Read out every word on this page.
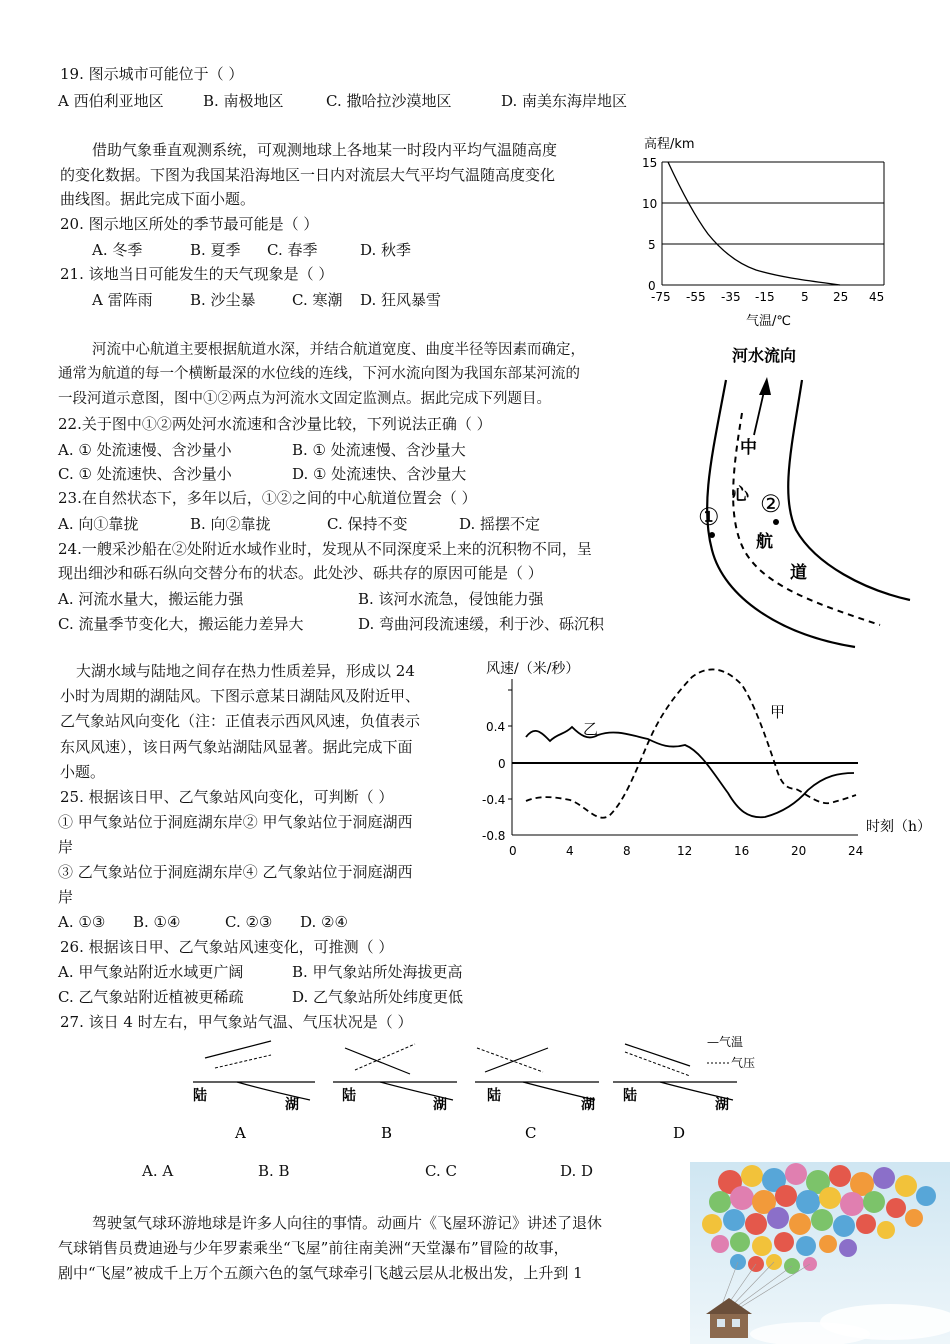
19. 图示城市可能位于（ ）
A 西伯利亚地区	B. 南极地区	C. 撒哈拉沙漠地区	D. 南美东海岸地区
借助气象垂直观测系统，可观测地球上各地某一时段内平均气温随高度
的变化数据。下图为我国某沿海地区一日内对流层大气平均气温随高度变化
曲线图。据此完成下面小题。
20. 图示地区所处的季节最可能是（ ）
A. 冬季	B. 夏季 C. 春季	D. 秋季
21. 该地当日可能发生的天气现象是（ ）
A 雷阵雨 B. 沙尘暴 C. 寒潮 D. 狂风暴雪
高程/km
15
10
5
0
-75 -55 -35 -15 5 25 45
气温/℃
河流中心航道主要根据航道水深，并结合航道宽度、曲度半径等因素而确定，
通常为航道的每一个横断最深的水位线的连线，下河水流向图为我国东部某河流的
一段河道示意图，图中①②两点为河流水文固定监测点。据此完成下列题目。
22.关于图中①②两处河水流速和含沙量比较，下列说法正确（ ）
A. ① 处流速慢、含沙量小	B. ① 处流速慢、含沙量大
C. ① 处流速快、含沙量小	D. ① 处流速快、含沙量大
23.在自然状态下，多年以后，①②之间的中心航道位置会（ ）
A. 向①靠拢	B. 向②靠拢	C. 保持不变	D. 摇摆不定
24.一艘采沙船在②处附近水域作业时，发现从不同深度采上来的沉积物不同，呈
现出细沙和砾石纵向交替分布的状态。此处沙、砾共存的原因可能是（ ）
A. 河流水量大，搬运能力强	B. 该河水流急，侵蚀能力强
C. 流量季节变化大，搬运能力差异大	D. 弯曲河段流速缓，利于沙、砾沉积
河水流向
中
心
航
道
① ②
大湖水域与陆地之间存在热力性质差异，形成以 24
小时为周期的湖陆风。下图示意某日湖陆风及附近甲、
乙气象站风向变化（注：正值表示西风风速，负值表示
东风风速），该日两气象站湖陆风显著。据此完成下面
小题。
25. 根据该日甲、乙气象站风向变化，可判断（ ）
① 甲气象站位于洞庭湖东岸② 甲气象站位于洞庭湖西
岸
③ 乙气象站位于洞庭湖东岸④ 乙气象站位于洞庭湖西
岸
A. ①③ B. ①④	C. ②③ D. ②④
26. 根据该日甲、乙气象站风速变化，可推测（ ）
A. 甲气象站附近水域更广阔	B. 甲气象站所处海拔更高
C. 乙气象站附近植被更稀疏	D. 乙气象站所处纬度更低
27. 该日 4 时左右，甲气象站气温、气压状况是（ ）
风速/（米/秒）
0.4
0
-0.4
-0.8
0	4	8	12	16	20	24
时刻（h）
甲
乙
陆
湖
A
陆
湖
B
陆
湖
C
陆
湖
D
—气温
气压
A. A	B. B	C. C	D. D
驾驶氢气球环游地球是许多人向往的事情。动画片《飞屋环游记》讲述了退休
气球销售员费迪逊与少年罗素乘坐“飞屋”前往南美洲“天堂瀑布”冒险的故事，
剧中“飞屋”被成千上万个五颜六色的氢气球牵引飞越云层从北极出发，上升到 1
